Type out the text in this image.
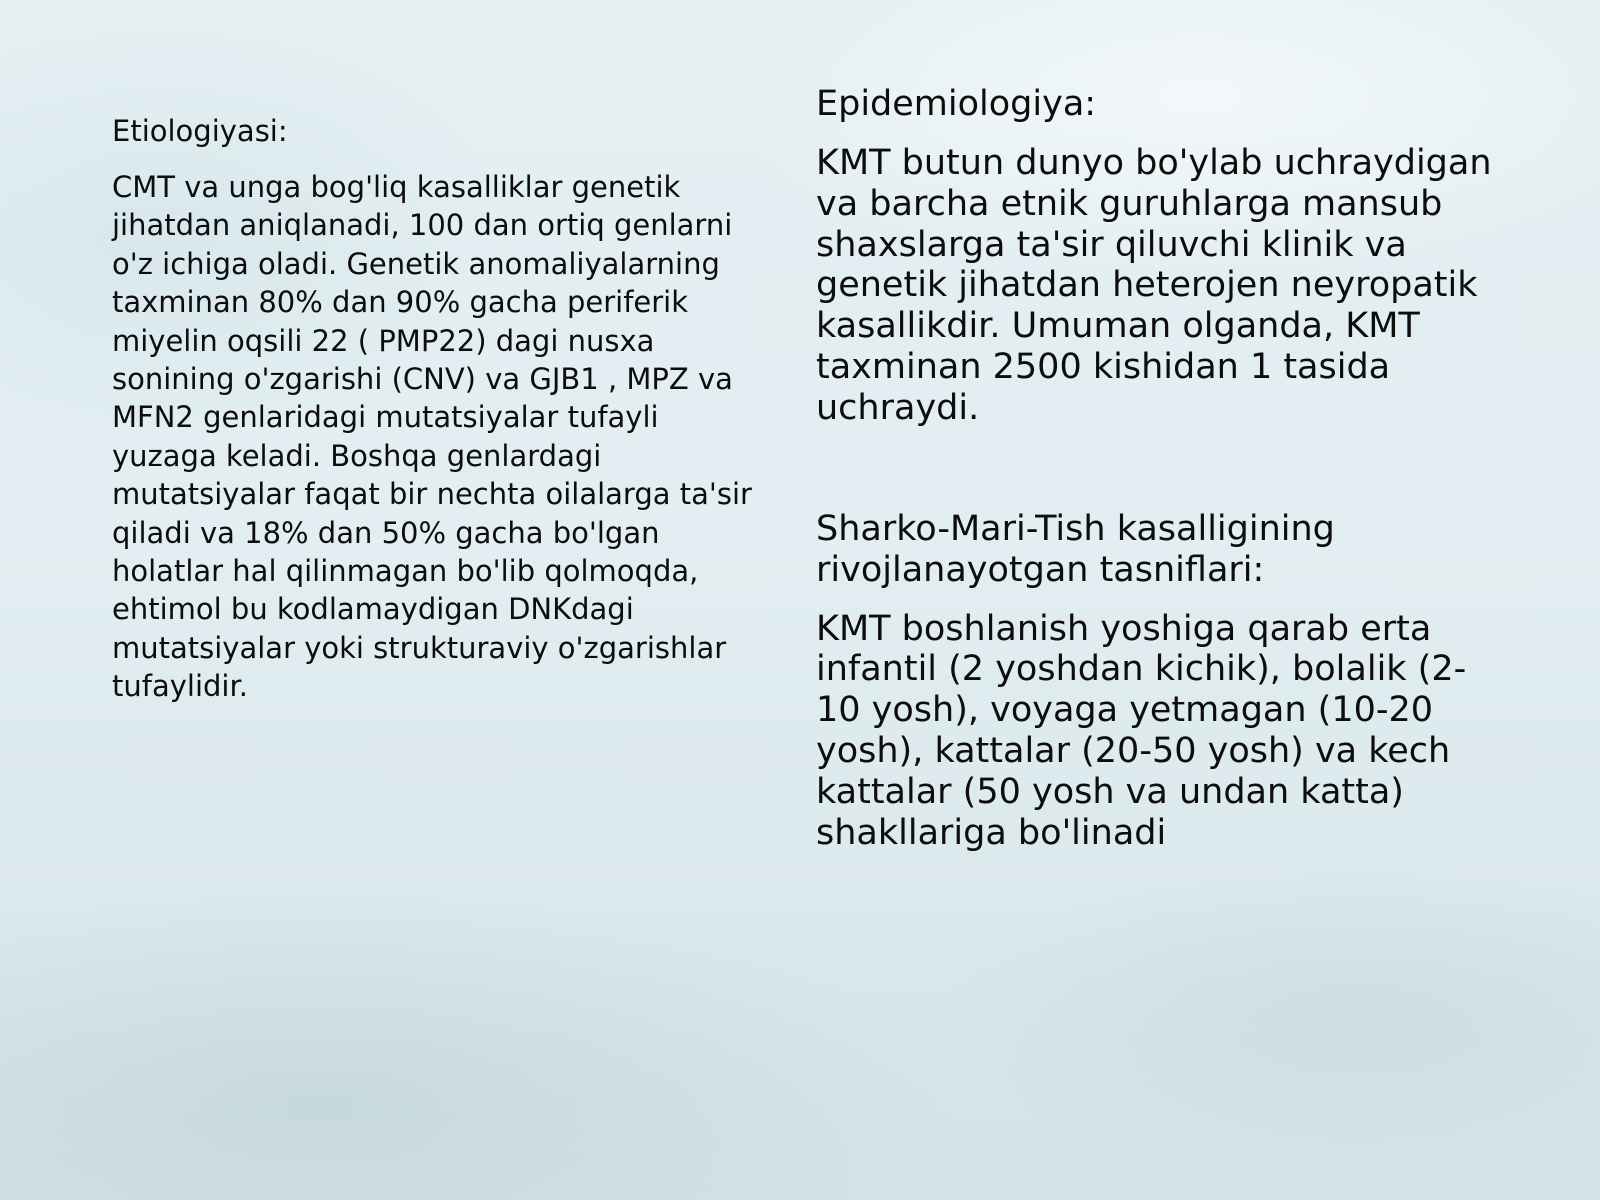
Etiologiyasi:

CMT va unga bog'liq kasalliklar genetik jihatdan aniqlanadi, 100 dan ortiq genlarni o'z ichiga oladi. Genetik anomaliyalarning taxminan 80% dan 90% gacha periferik miyelin oqsili 22 ( PMP22) dagi nusxa sonining o'zgarishi (CNV) va GJB1 , MPZ va MFN2 genlaridagi mutatsiyalar tufayli yuzaga keladi. Boshqa genlardagi mutatsiyalar faqat bir nechta oilalarga ta'sir qiladi va 18% dan 50% gacha bo'lgan holatlar hal qilinmagan bo'lib qolmoqda, ehtimol bu kodlamaydigan DNKdagi mutatsiyalar yoki strukturaviy o'zgarishlar tufaylidir.

Epidemiologiya:

KMT butun dunyo bo'ylab uchraydigan va barcha etnik guruhlarga mansub shaxslarga ta'sir qiluvchi klinik va genetik jihatdan heterojen neyropatik kasallikdir. Umuman olganda, KMT taxminan 2500 kishidan 1 tasida uchraydi.

Sharko-Mari-Tish kasalligining rivojlanayotgan tasniflari:

KMT boshlanish yoshiga qarab erta infantil (2 yoshdan kichik), bolalik (2-10 yosh), voyaga yetmagan (10-20 yosh), kattalar (20-50 yosh) va kech kattalar (50 yosh va undan katta) shakllariga bo'linadi
